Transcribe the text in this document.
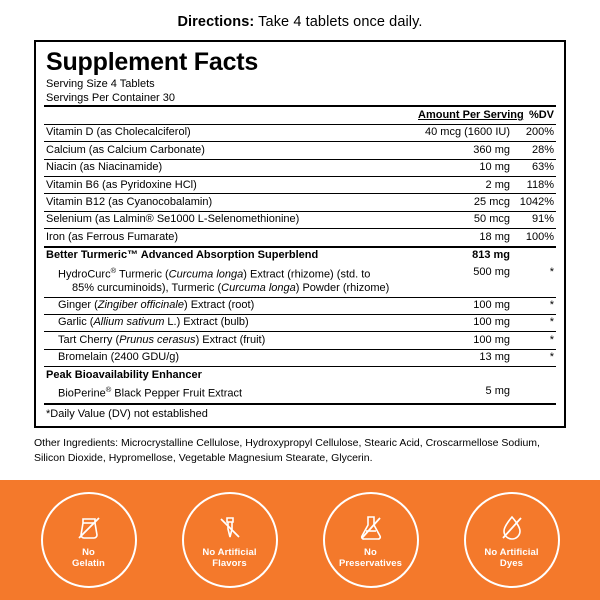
Directions: Take 4 tablets once daily.
Supplement Facts
Serving Size 4 Tablets
Servings Per Container 30
	Amount Per Serving	%DV
Vitamin D (as Cholecalciferol)	40 mcg (1600 IU)	200%
Calcium (as Calcium Carbonate)	360 mg	28%
Niacin (as Niacinamide)	10 mg	63%
Vitamin B6 (as Pyridoxine HCl)	2 mg	118%
Vitamin B12 (as Cyanocobalamin)	25 mcg	1042%
Selenium (as Lalmin® Se1000 L-Selenomethionine)	50 mcg	91%
Iron (as Ferrous Fumarate)	18 mg	100%
Better Turmeric™ Advanced Absorption Superblend	813 mg	
HydroCurc® Turmeric (Curcuma longa) Extract (rhizome) (std. to
85% curcuminoids), Turmeric (Curcuma longa) Powder (rhizome)	500 mg	*
Ginger (Zingiber officinale) Extract (root)	100 mg	*
Garlic (Allium sativum L.) Extract (bulb)	100 mg	*
Tart Cherry (Prunus cerasus) Extract (fruit)	100 mg	*
Bromelain (2400 GDU/g)	13 mg	*
Peak Bioavailability Enhancer		
BioPerine® Black Pepper Fruit Extract	5 mg	
*Daily Value (DV) not established
Other Ingredients: Microcrystalline Cellulose, Hydroxypropyl Cellulose, Stearic Acid, Croscarmellose Sodium, Silicon Dioxide, Hypromellose, Vegetable Magnesium Stearate, Glycerin.
No
Gelatin
No Artificial
Flavors
No
Preservatives
No Artificial
Dyes
